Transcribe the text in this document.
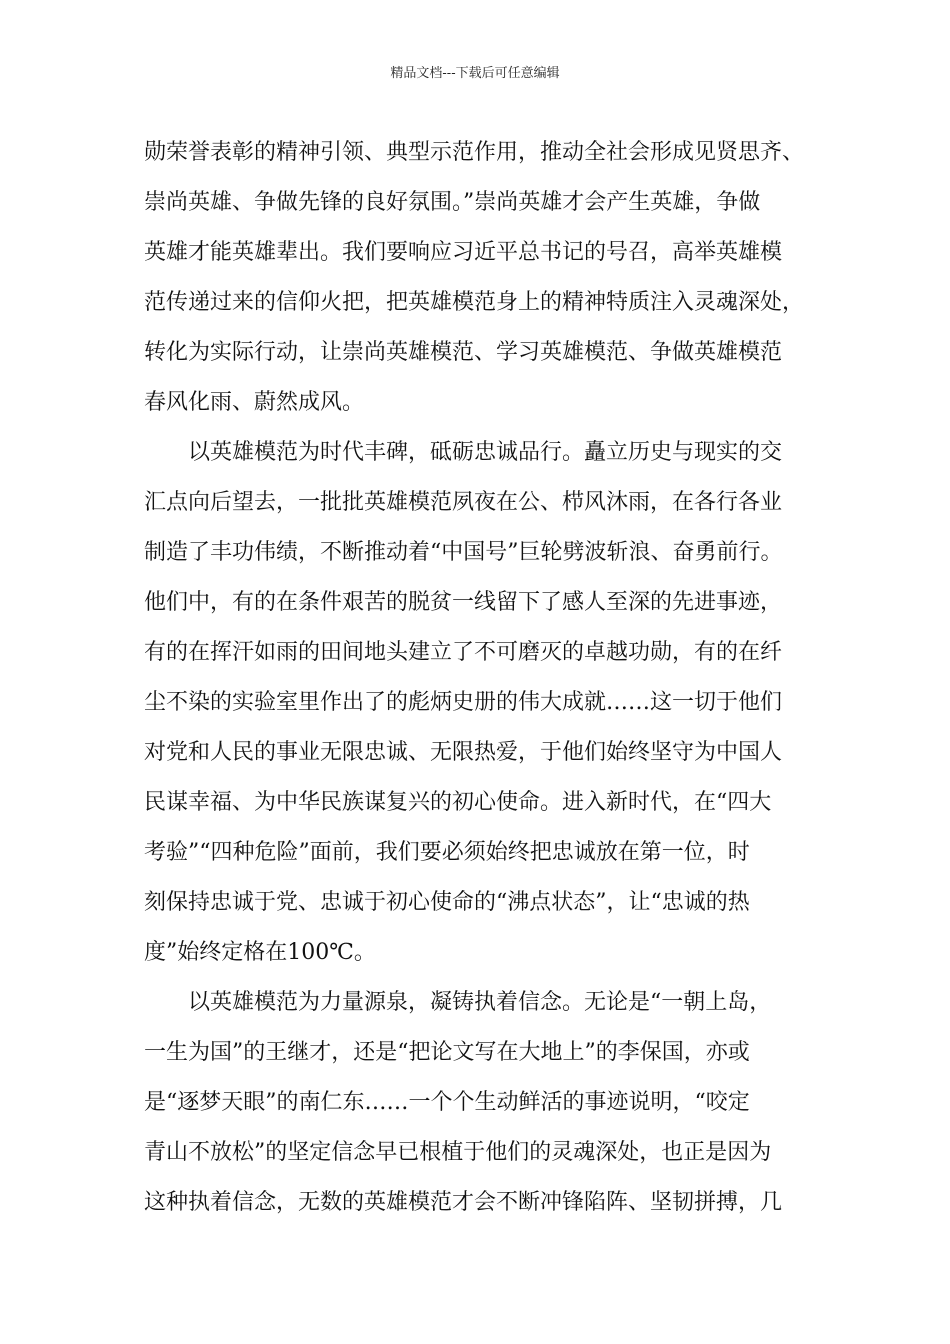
精品文档---下载后可任意编辑
勋荣誉表彰的精神引领、典型示范作用，推动全社会形成见贤思齐、
崇尚英雄、争做先锋的良好氛围。”崇尚英雄才会产生英雄，争做
英雄才能英雄辈出。我们要响应习近平总书记的号召，高举英雄模
范传递过来的信仰火把，把英雄模范身上的精神特质注入灵魂深处，
转化为实际行动，让崇尚英雄模范、学习英雄模范、争做英雄模范
春风化雨、蔚然成风。
以英雄模范为时代丰碑，砥砺忠诚品行。矗立历史与现实的交
汇点向后望去，一批批英雄模范夙夜在公、栉风沐雨，在各行各业
制造了丰功伟绩，不断推动着“中国号”巨轮劈波斩浪、奋勇前行。
他们中，有的在条件艰苦的脱贫一线留下了感人至深的先进事迹，
有的在挥汗如雨的田间地头建立了不可磨灭的卓越功勋，有的在纤
尘不染的实验室里作出了的彪炳史册的伟大成就……这一切于他们
对党和人民的事业无限忠诚、无限热爱，于他们始终坚守为中国人
民谋幸福、为中华民族谋复兴的初心使命。进入新时代，在“四大
考验”“四种危险”面前，我们要必须始终把忠诚放在第一位，时
刻保持忠诚于党、忠诚于初心使命的“沸点状态”，让“忠诚的热
度”始终定格在100℃。
以英雄模范为力量源泉，凝铸执着信念。无论是“一朝上岛，
一生为国”的王继才，还是“把论文写在大地上”的李保国，亦或
是“逐梦天眼”的南仁东……一个个生动鲜活的事迹说明，“咬定
青山不放松”的坚定信念早已根植于他们的灵魂深处，也正是因为
这种执着信念，无数的英雄模范才会不断冲锋陷阵、坚韧拼搏，几
